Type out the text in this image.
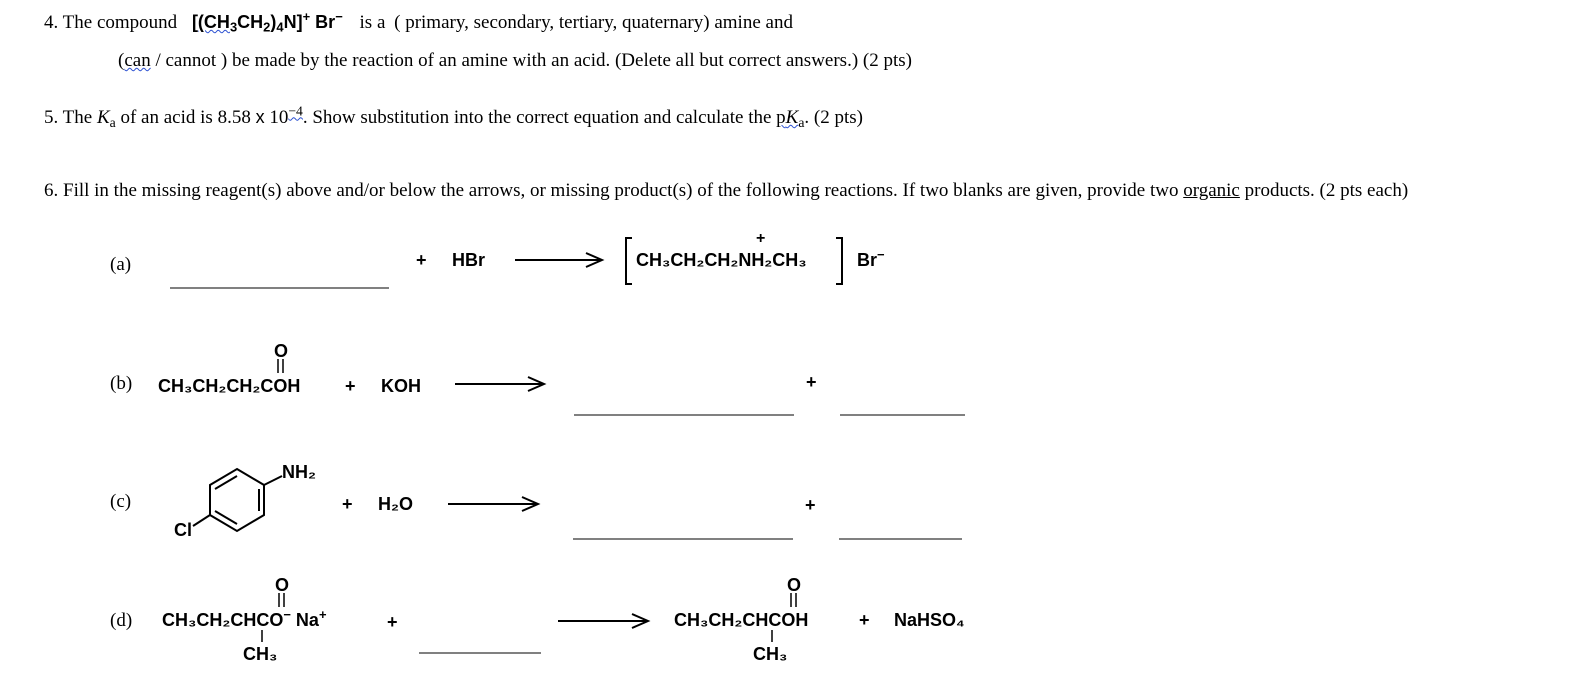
4. The compound $[(CH_3CH_2)_4N]^+$ Br− is a ( primary, secondary, tertiary, quaternary) amine and
(can / cannot ) be made by the reaction of an amine with an acid. (Delete all but correct answers.) (2 pts)
5. The $K_a$ of an acid is 8.58 x $10^{-4}$. Show substitution into the correct equation and calculate the $pK_a$. (2 pts)
6. Fill in the missing reagent(s) above and/or below the arrows, or missing product(s) of the following reactions. If two blanks are given, provide two organic products. (2 pts each)
(a)	+ HBr
+
CH₃CH₂CH₂NH₂CH₃	Br−
(b)
O
CH₃CH₂CH₂COH + KOH	+
(c)
NH₂
Cl
+ H₂O	+
(d)
O
CH₃CH₂CHCO− Na+
CH₃
+
O
CH₃CH₂CHCOH
CH₃
+ NaHSO₄
